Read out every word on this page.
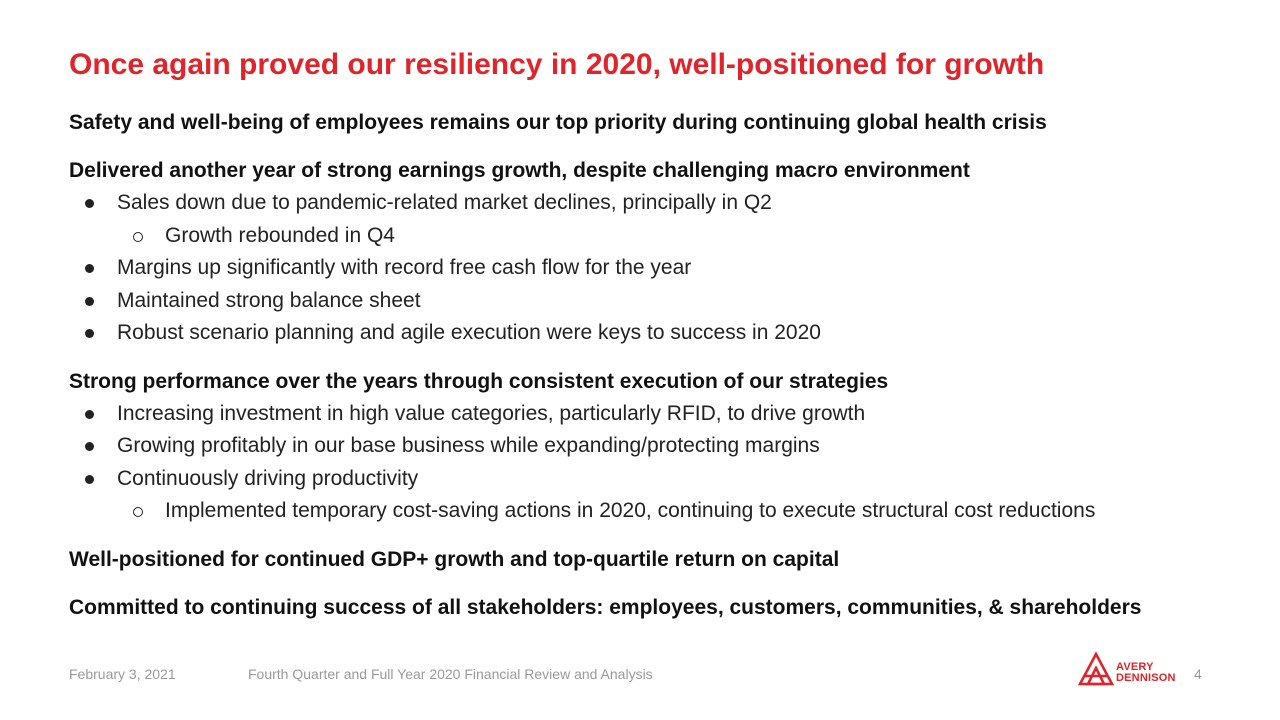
Once again proved our resiliency in 2020, well-positioned for growth
Safety and well-being of employees remains our top priority during continuing global health crisis
Delivered another year of strong earnings growth, despite challenging macro environment
Sales down due to pandemic-related market declines, principally in Q2
Growth rebounded in Q4
Margins up significantly with record free cash flow for the year
Maintained strong balance sheet
Robust scenario planning and agile execution were keys to success in 2020
Strong performance over the years through consistent execution of our strategies
Increasing investment in high value categories, particularly RFID, to drive growth
Growing profitably in our base business while expanding/protecting margins
Continuously driving productivity
Implemented temporary cost-saving actions in 2020, continuing to execute structural cost reductions
Well-positioned for continued GDP+ growth and top-quartile return on capital
Committed to continuing success of all stakeholders: employees, customers, communities, & shareholders
February 3, 2021	Fourth Quarter and Full Year 2020 Financial Review and Analysis	AVERY
DENNISON 4
